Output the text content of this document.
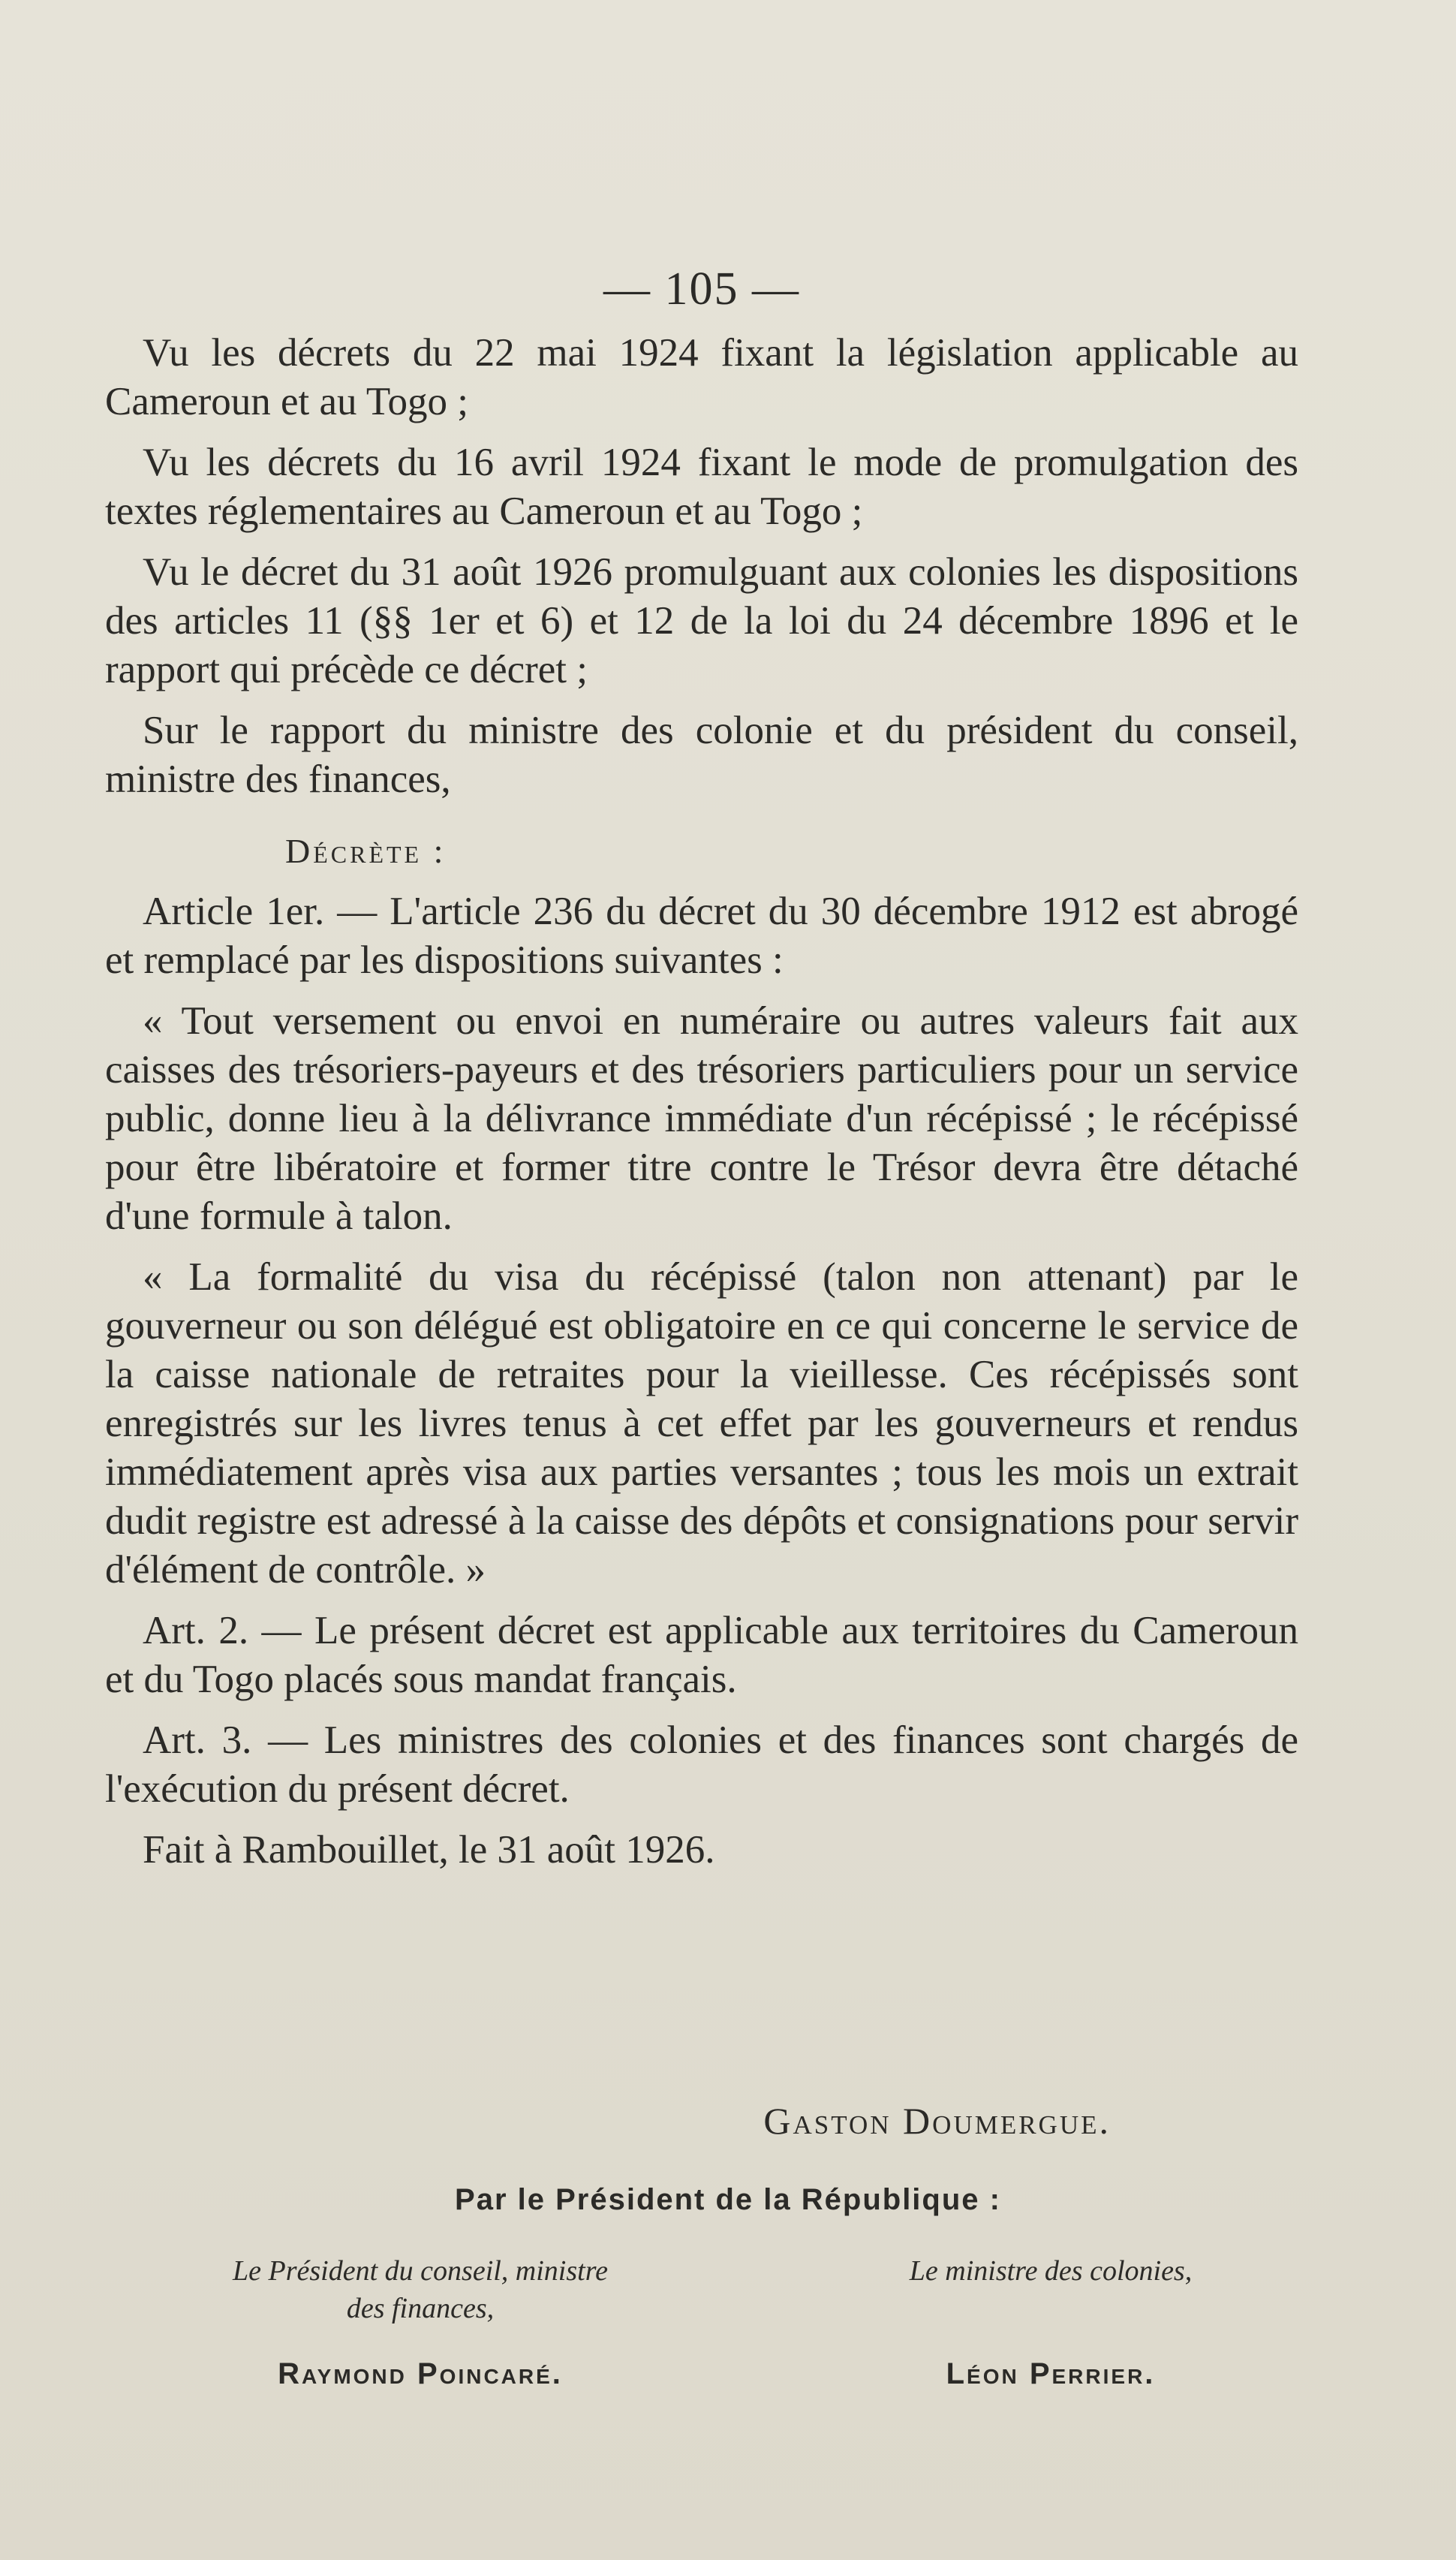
— 105 —

Vu les décrets du 22 mai 1924 fixant la législation applicable au Cameroun et au Togo ;

Vu les décrets du 16 avril 1924 fixant le mode de promulgation des textes réglementaires au Cameroun et au Togo ;

Vu le décret du 31 août 1926 promulguant aux colonies les dispositions des articles 11 (§§ 1er et 6) et 12 de la loi du 24 décembre 1896 et le rapport qui précède ce décret ;

Sur le rapport du ministre des colonie et du président du conseil, ministre des finances,

Décrète :

Article 1er. — L'article 236 du décret du 30 décembre 1912 est abrogé et remplacé par les dispositions suivantes :

« Tout versement ou envoi en numéraire ou autres valeurs fait aux caisses des trésoriers-payeurs et des trésoriers particuliers pour un service public, donne lieu à la délivrance immédiate d'un récépissé ; le récépissé pour être libératoire et former titre contre le Trésor devra être détaché d'une formule à talon.

« La formalité du visa du récépissé (talon non attenant) par le gouverneur ou son délégué est obligatoire en ce qui concerne le service de la caisse nationale de retraites pour la vieillesse. Ces récépissés sont enregistrés sur les livres tenus à cet effet par les gouverneurs et rendus immédiatement après visa aux parties versantes ; tous les mois un extrait dudit registre est adressé à la caisse des dépôts et consignations pour servir d'élément de contrôle. »

Art. 2. — Le présent décret est applicable aux territoires du Cameroun et du Togo placés sous mandat français.

Art. 3. — Les ministres des colonies et des finances sont chargés de l'exécution du présent décret.

Fait à Rambouillet, le 31 août 1926.

Gaston Doumergue.
Par le Président de la République :
Le Président du conseil, ministre
des finances,
Raymond Poincaré.
Le ministre des colonies,

Léon Perrier.
